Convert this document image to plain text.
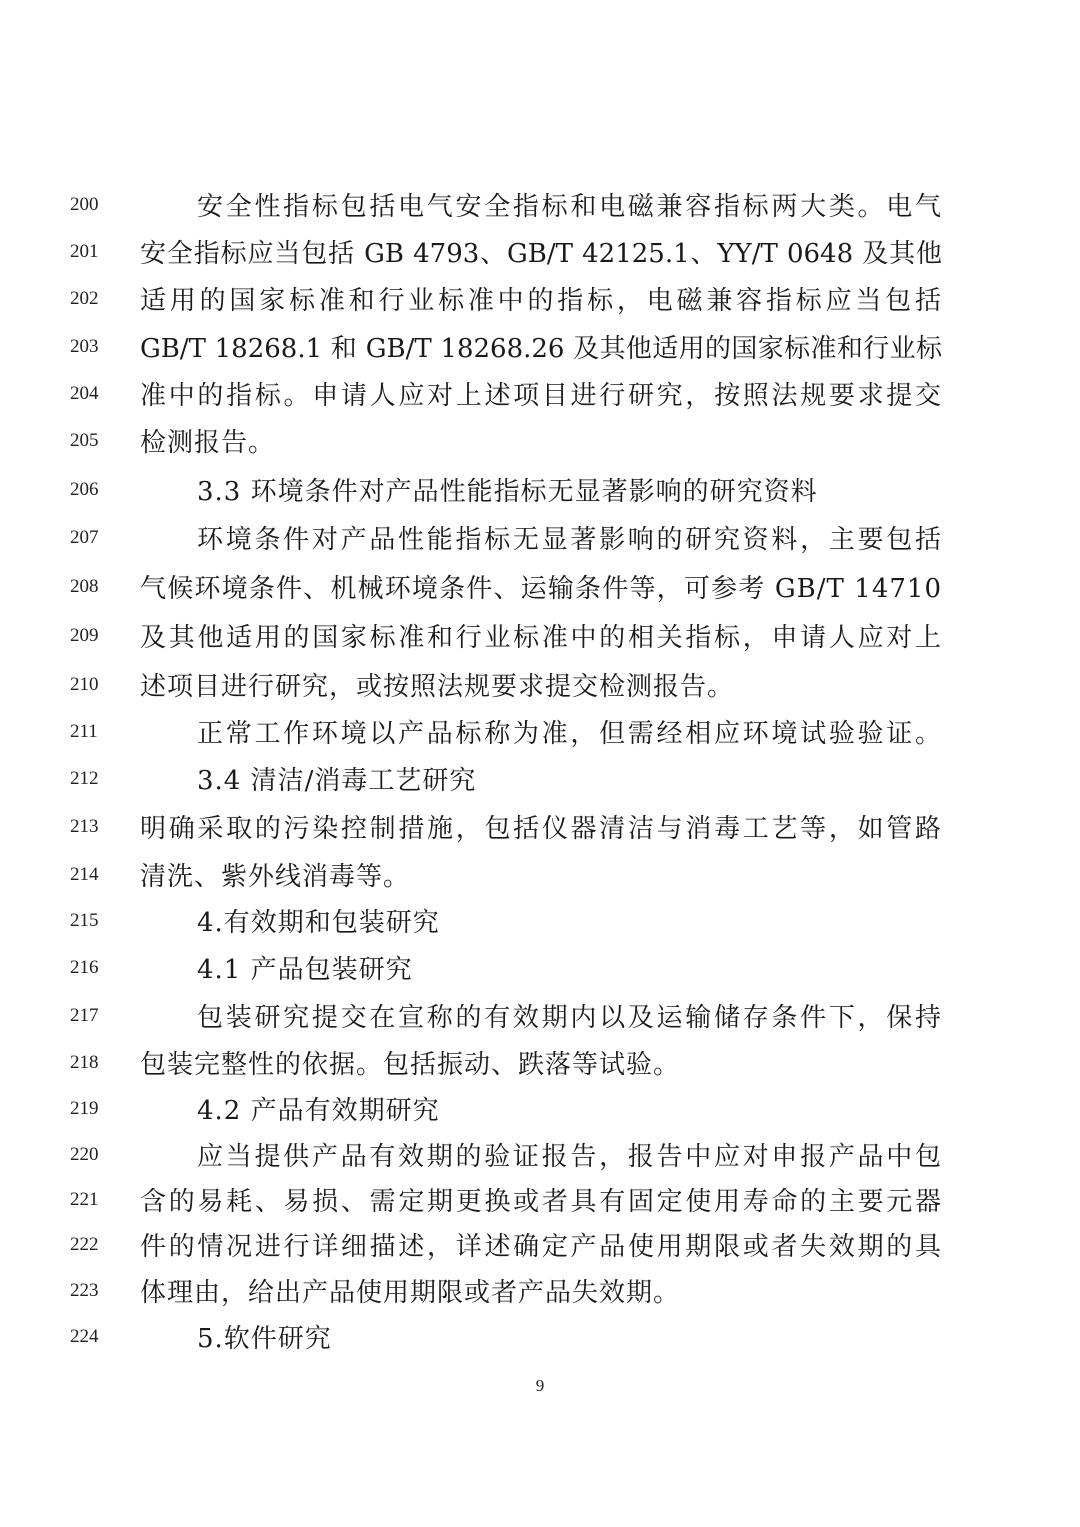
200	安全性指标包括电气安全指标和电磁兼容指标两大类。电气
201	安全指标应当包括 GB 4793、GB/T 42125.1、YY/T 0648 及其他
202	适用的国家标准和行业标准中的指标，电磁兼容指标应当包括
203	GB/T 18268.1 和 GB/T 18268.26 及其他适用的国家标准和行业标
204	准中的指标。申请人应对上述项目进行研究，按照法规要求提交
205	检测报告。
206	3.3 环境条件对产品性能指标无显著影响的研究资料
207	环境条件对产品性能指标无显著影响的研究资料，主要包括
208	气候环境条件、机械环境条件、运输条件等，可参考 GB/T 14710
209	及其他适用的国家标准和行业标准中的相关指标，申请人应对上
210	述项目进行研究，或按照法规要求提交检测报告。
211	正常工作环境以产品标称为准，但需经相应环境试验验证。
212	3.4 清洁/消毒工艺研究
213	明确采取的污染控制措施，包括仪器清洁与消毒工艺等，如管路
214	清洗、紫外线消毒等。
215	4.有效期和包装研究
216	4.1 产品包装研究
217	包装研究提交在宣称的有效期内以及运输储存条件下，保持
218	包装完整性的依据。包括振动、跌落等试验。
219	4.2 产品有效期研究
220	应当提供产品有效期的验证报告，报告中应对申报产品中包
221	含的易耗、易损、需定期更换或者具有固定使用寿命的主要元器
222	件的情况进行详细描述，详述确定产品使用期限或者失效期的具
223	体理由，给出产品使用期限或者产品失效期。
224	5.软件研究
9
